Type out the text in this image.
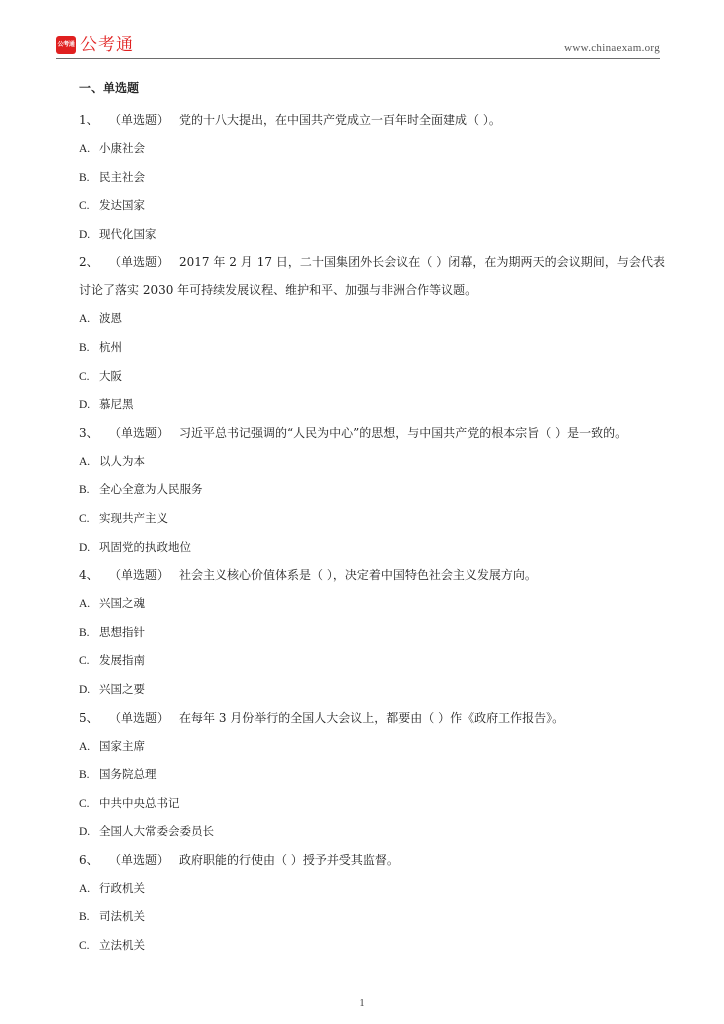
公考通 公考通	www.chinaexam.org
一、单选题
1、 （单选题） 党的十八大提出，在中国共产党成立一百年时全面建成（ ）。
A. 小康社会
B. 民主社会
C. 发达国家
D. 现代化国家
2、 （单选题） 2017 年 2 月 17 日，二十国集团外长会议在（ ）闭幕，在为期两天的会议期间，与会代表讨论了落实 2030 年可持续发展议程、维护和平、加强与非洲合作等议题。
A. 波恩
B. 杭州
C. 大阪
D. 慕尼黑
3、 （单选题） 习近平总书记强调的“人民为中心”的思想，与中国共产党的根本宗旨（ ）是一致的。
A. 以人为本
B. 全心全意为人民服务
C. 实现共产主义
D. 巩固党的执政地位
4、 （单选题） 社会主义核心价值体系是（ ），决定着中国特色社会主义发展方向。
A. 兴国之魂
B. 思想指针
C. 发展指南
D. 兴国之要
5、 （单选题） 在每年 3 月份举行的全国人大会议上，都要由（ ）作《政府工作报告》。
A. 国家主席
B. 国务院总理
C. 中共中央总书记
D. 全国人大常委会委员长
6、 （单选题） 政府职能的行使由（ ）授予并受其监督。
A. 行政机关
B. 司法机关
C. 立法机关
1
